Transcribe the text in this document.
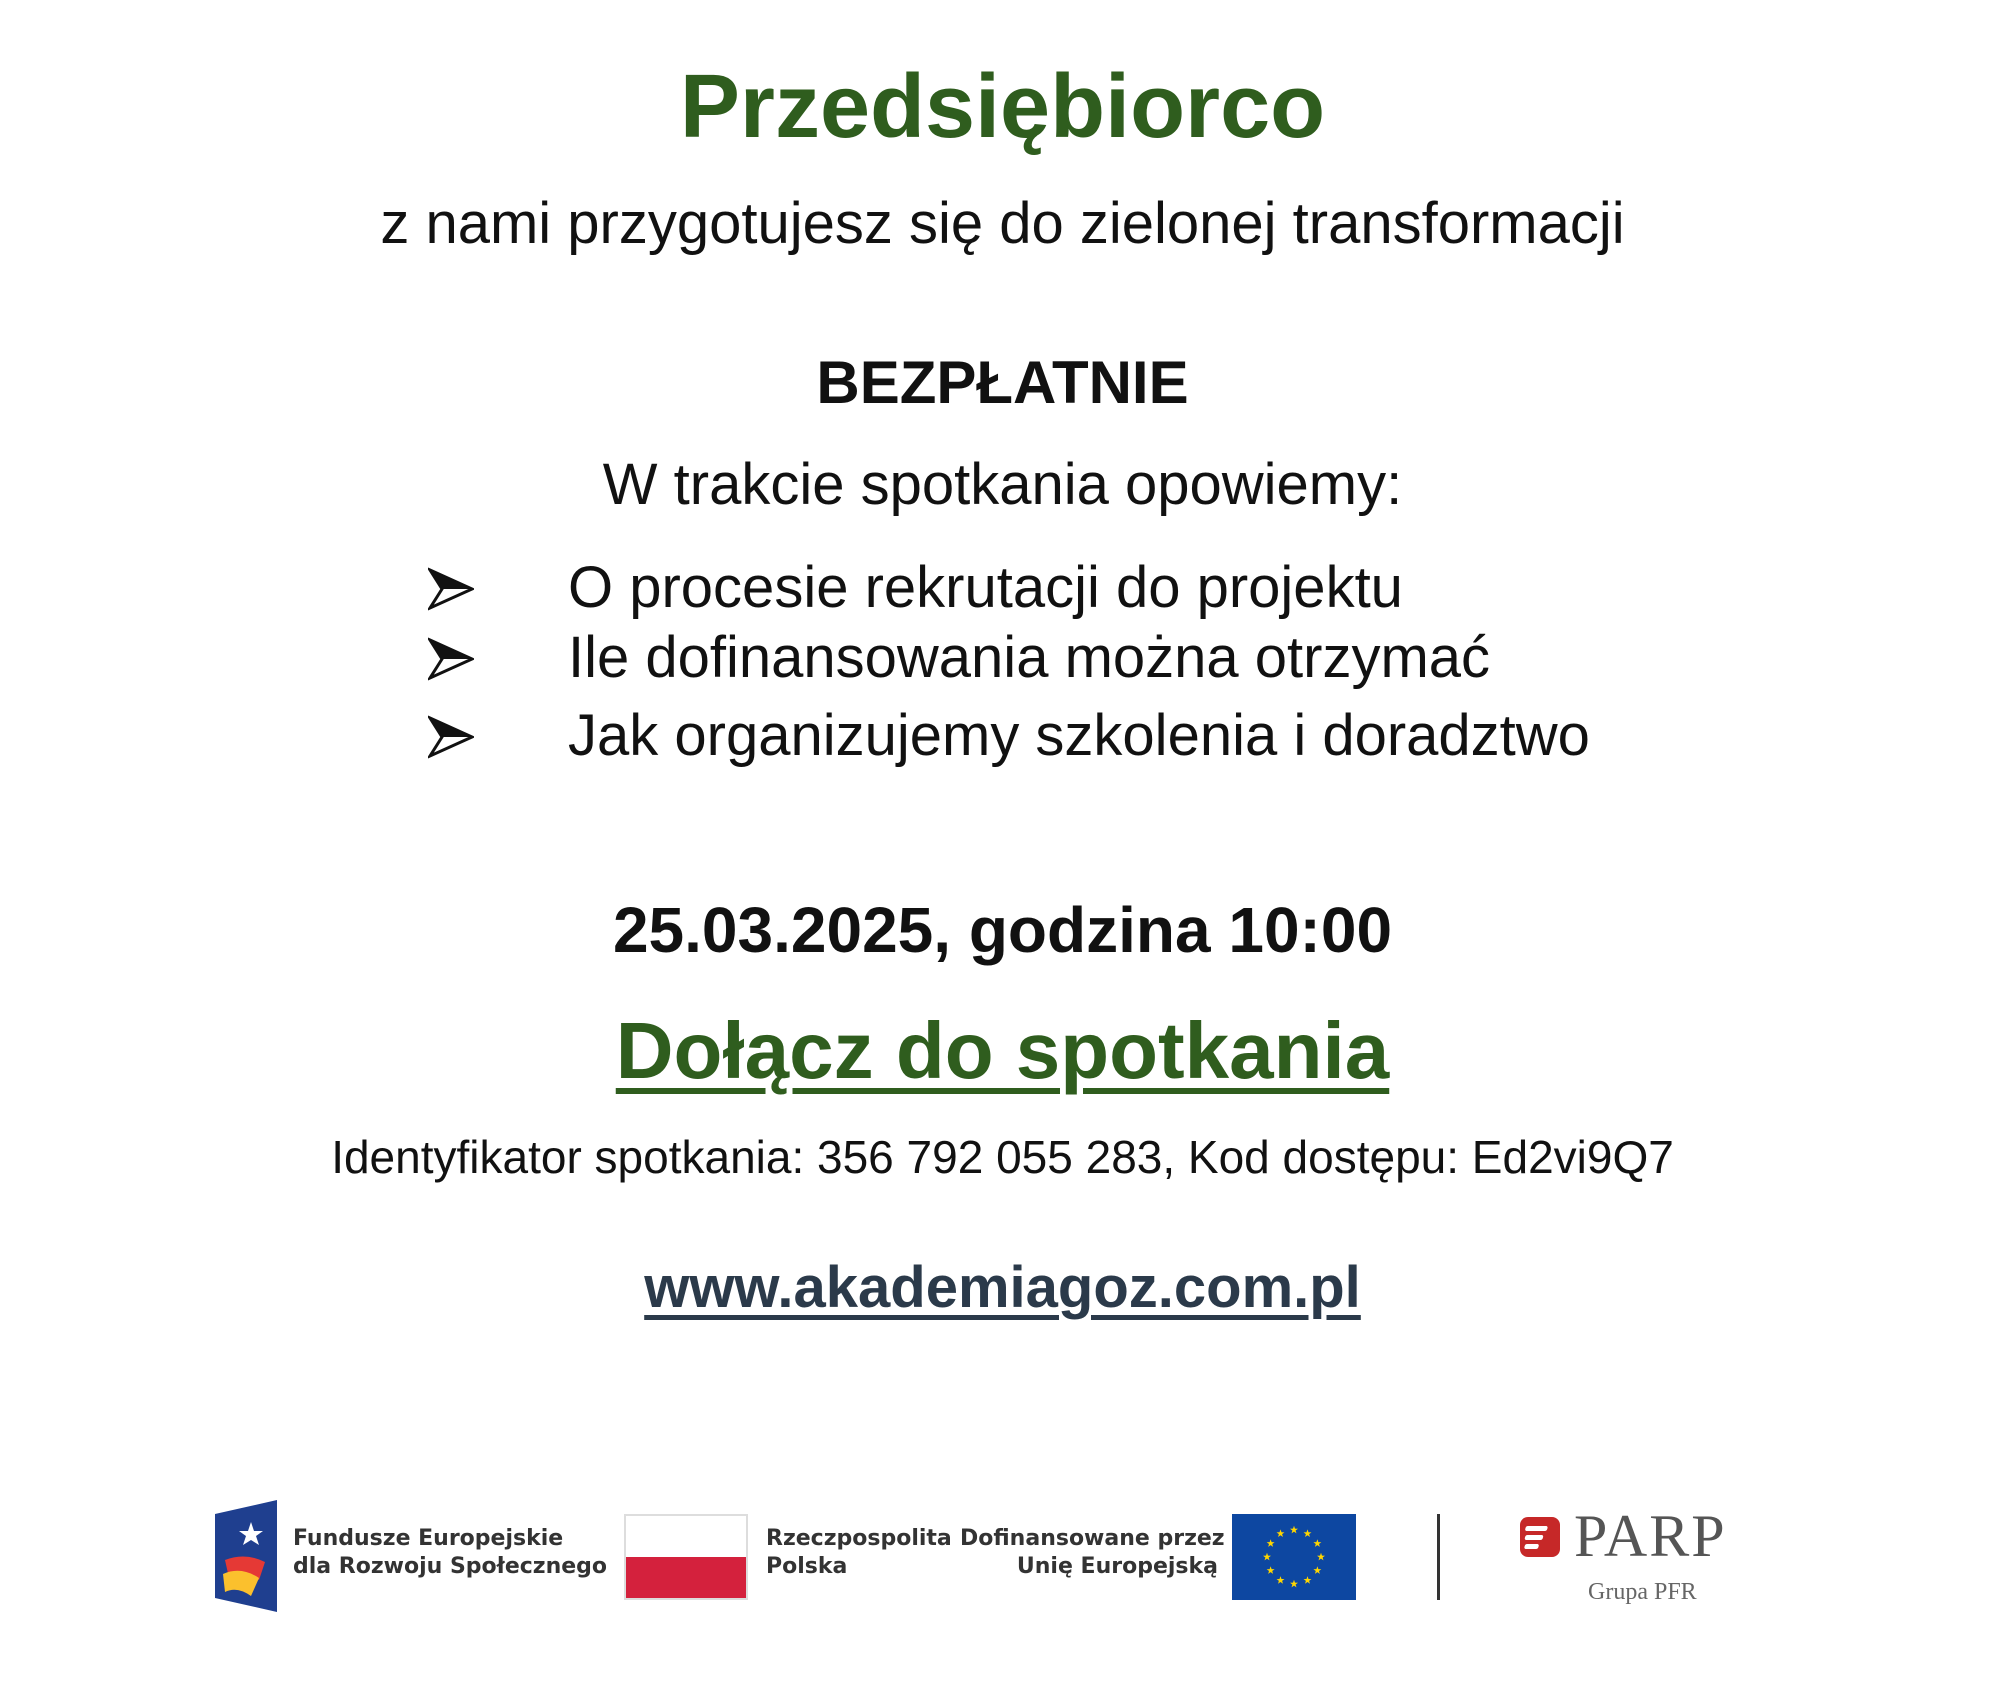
Przedsiębiorco
z nami przygotujesz się do zielonej transformacji
BEZPŁATNIE
W trakcie spotkania opowiemy:
O procesie rekrutacji do projektu
Ile dofinansowania można otrzymać
Jak organizujemy szkolenia i doradztwo
25.03.2025, godzina 10:00
Dołącz do spotkania
Identyfikator spotkania: 356 792 055 283, Kod dostępu: Ed2vi9Q7
www.akademiagoz.com.pl
Fundusze Europejskie
dla Rozwoju Społecznego
Rzeczpospolita
Polska
Dofinansowane przez
Unię Europejską	PARP
Grupa PFR
